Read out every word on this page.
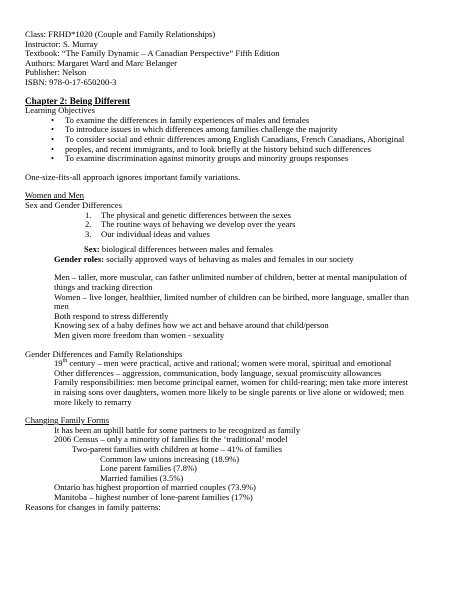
Class: FRHD*1020 (Couple and Family Relationships)
Instructor: S. Murray
Textbook: “The Family Dynamic – A Canadian Perspective” Fifth Edition
Authors: Margaret Ward and Marc Belanger
Publisher: Nelson
ISBN: 978-0-17-650200-3
Chapter 2: Being Different
Learning Objectives
• To examine the differences in family experiences of males and females
• To introduce issues in which differences among families challenge the majority
• To consider social and ethnic differences among English Canadians, French Canadians, Aboriginal
• peoples, and recent immigrants, and to look briefly at the history behind such differences
• To examine discrimination against minority groups and minority groups responses
One-size-fits-all approach ignores important family variations.
Women and Men
Sex and Gender Differences
1. The physical and genetic differences between the sexes
2. The routine ways of behaving we develop over the years
3. Our individual ideas and values
Sex: biological differences between males and females
Gender roles: socially approved ways of behaving as males and females in our society
Men – taller, more muscular, can father unlimited number of children, better at mental manipulation of
things and tracking direction
Women – live longer, healthier, limited number of children can be birthed, more language, smaller than
men
Both respond to stress differently
Knowing sex of a baby defines how we act and behave around that child/person
Men given more freedom than women - sexuality
Gender Differences and Family Relationships
19th century – men were practical, active and rational; women were moral, spiritual and emotional
Other differences – aggression, communication, body language, sexual promiscuity allowances
Family responsibilities: men become principal earner, women for child-rearing; men take more interest
in raising sons over daughters, women more likely to be single parents or live alone or widowed; men
more likely to remarry
Changing Family Forms
It has been an uphill battle for some partners to be recognized as family
2006 Census – only a minority of families fit the ‘traditional’ model
Two-parent families with children at home – 41% of families
Common law unions increasing (18.9%)
Lone parent families (7.8%)
Married families (3.5%)
Ontario has highest proportion of married couples (73.9%)
Manitoba – highest number of lone-parent families (17%)
Reasons for changes in family patterns:
